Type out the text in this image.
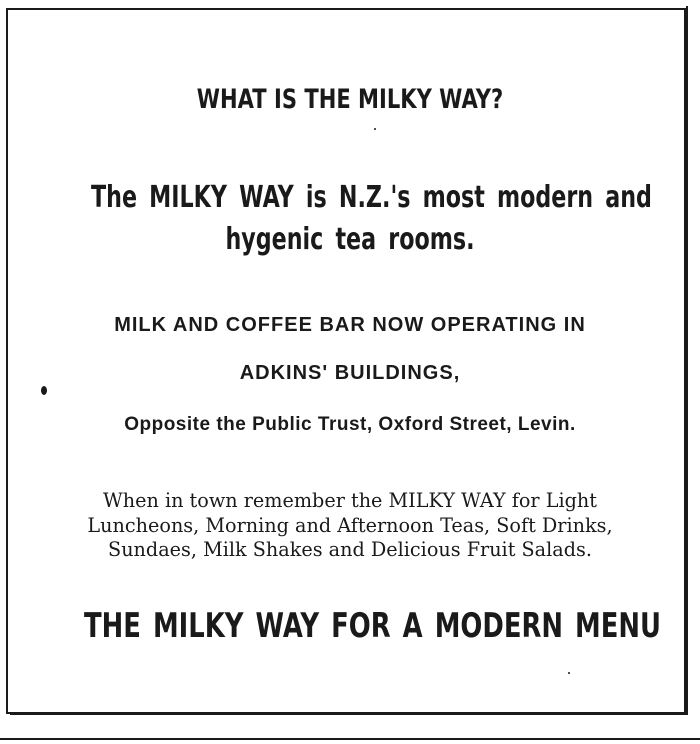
WHAT IS THE MILKY WAY?
The MILKY WAY is N.Z.'s most modern and
hygenic tea rooms.
MILK AND COFFEE BAR NOW OPERATING IN
ADKINS' BUILDINGS,
Opposite the Public Trust, Oxford Street, Levin.
When in town remember the MILKY WAY for Light
Luncheons, Morning and Afternoon Teas, Soft Drinks,
Sundaes, Milk Shakes and Delicious Fruit Salads.
THE MILKY WAY FOR A MODERN MENU
